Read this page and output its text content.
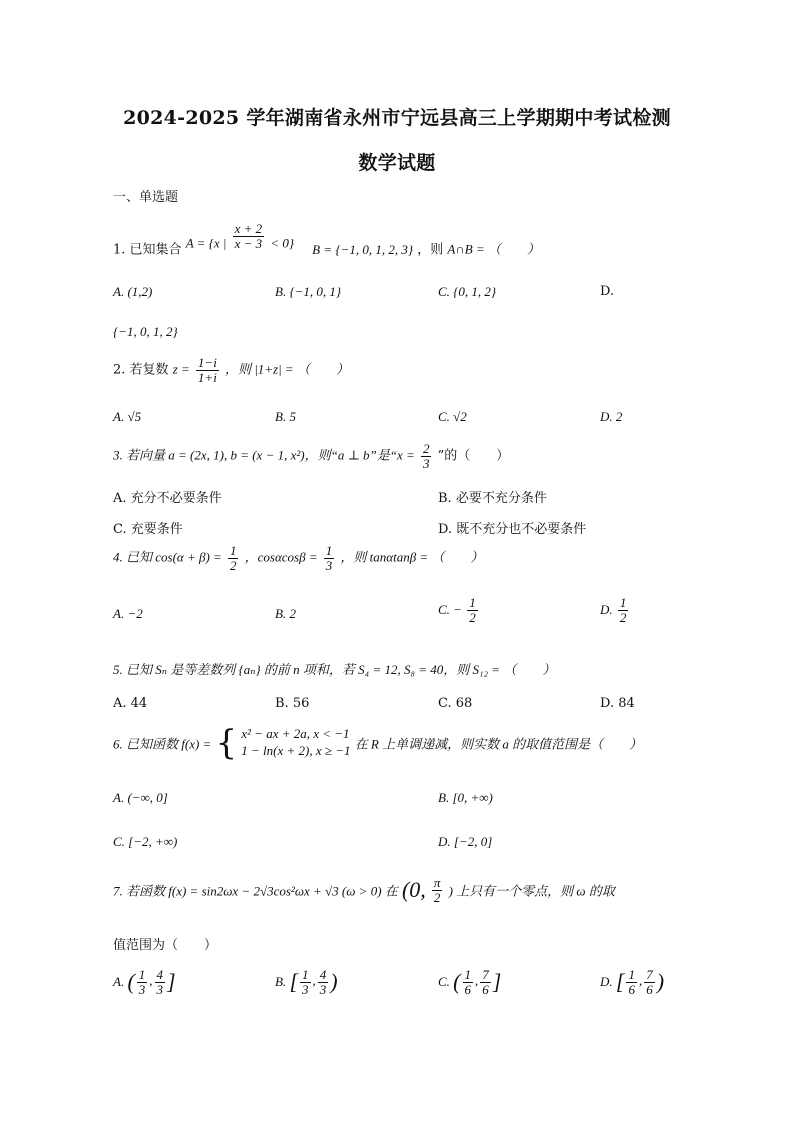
2024-2025 学年湖南省永州市宁远县高三上学期期中考试检测
数学试题
一、单选题
1. 已知集合 A = {x | $\frac{x + 2}{x - 3} < 0$} B = {−1, 0, 1, 2, 3} ，则 A∩B = （　　）
A. (1,2)	B. {−1, 0, 1}	C. {0, 1, 2}	D.
{−1, 0, 1, 2}
2. 若复数 $z = \frac{1-i}{1+i}$ ，则 |1+z| = （　　）
A. √5	B. 5	C. √2	D. 2
3. 若向量 a = (2x, 1), b = (x − 1, x²)，则“a ⊥ b”是“$x = \frac{2}{3}$ ”的（　　）
A. 充分不必要条件	B. 必要不充分条件
C. 充要条件	D. 既不充分也不必要条件
4. 已知 $\cos(\alpha + \beta) = \frac{1}{2}$ ，$\cos\alpha\cos\beta = \frac{1}{3}$ ，则 tanαtanβ = （　　）
A. −2	B. 2	C. − $\frac{1}{2}$	D. $\frac{1}{2}$
5. 已知 Sₙ 是等差数列 {aₙ} 的前 n 项和，若 S₄ = 12, S₈ = 40，则 S₁₂ = （　　）
A. 44	B. 56	C. 68	D. 84
6. 已知函数 f(x) = { x² − ax + 2a, x < −1
1 − ln(x + 2), x ≥ −1 在 R 上单调递减，则实数 a 的取值范围是（　　）
A. (−∞, 0]	B. [0, +∞)
C. [−2, +∞)	D. [−2, 0]
7. 若函数 f(x) = sin2ωx − 2√3cos²ωx + √3 (ω > 0) 在 (0, $\frac{\pi}{2}$ ) 上只有一个零点，则 ω 的取
值范围为（　　）
A. ( $\frac{1}{3}$ , $\frac{4}{3}$ ]	B. [ $\frac{1}{3}$ , $\frac{4}{3}$ )	C. ( $\frac{1}{6}$ , $\frac{7}{6}$ ]	D. [ $\frac{1}{6}$ , $\frac{7}{6}$ )
